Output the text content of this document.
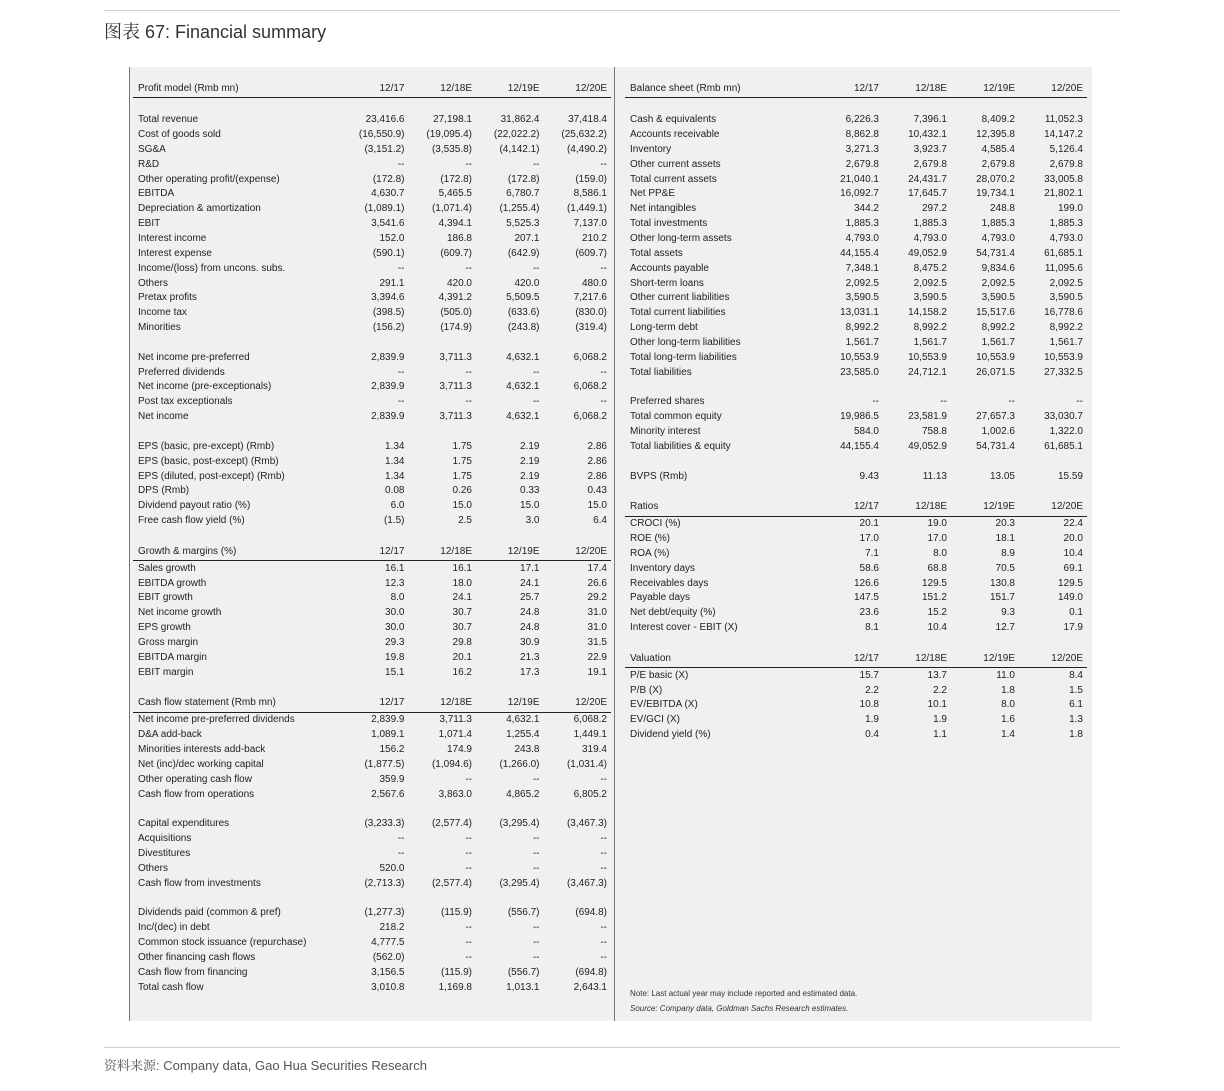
图表 67: Financial summary
Profit model (Rmb mn)	12/17	12/18E	12/19E	12/20E

Total revenue	23,416.6	27,198.1	31,862.4	37,418.4
Cost of goods sold	(16,550.9)	(19,095.4)	(22,022.2)	(25,632.2)
SG&A	(3,151.2)	(3,535.8)	(4,142.1)	(4,490.2)
R&D	--	--	--	--
Other operating profit/(expense)	(172.8)	(172.8)	(172.8)	(159.0)
EBITDA	4,630.7	5,465.5	6,780.7	8,586.1
Depreciation & amortization	(1,089.1)	(1,071.4)	(1,255.4)	(1,449.1)
EBIT	3,541.6	4,394.1	5,525.3	7,137.0
Interest income	152.0	186.8	207.1	210.2
Interest expense	(590.1)	(609.7)	(642.9)	(609.7)
Income/(loss) from uncons. subs.	--	--	--	--
Others	291.1	420.0	420.0	480.0
Pretax profits	3,394.6	4,391.2	5,509.5	7,217.6
Income tax	(398.5)	(505.0)	(633.6)	(830.0)
Minorities	(156.2)	(174.9)	(243.8)	(319.4)

Net income pre-preferred	2,839.9	3,711.3	4,632.1	6,068.2
Preferred dividends	--	--	--	--
Net income (pre-exceptionals)	2,839.9	3,711.3	4,632.1	6,068.2
Post tax exceptionals	--	--	--	--
Net income	2,839.9	3,711.3	4,632.1	6,068.2

EPS (basic, pre-except) (Rmb)	1.34	1.75	2.19	2.86
EPS (basic, post-except) (Rmb)	1.34	1.75	2.19	2.86
EPS (diluted, post-except) (Rmb)	1.34	1.75	2.19	2.86
DPS (Rmb)	0.08	0.26	0.33	0.43
Dividend payout ratio (%)	6.0	15.0	15.0	15.0
Free cash flow yield (%)	(1.5)	2.5	3.0	6.4

Growth & margins (%)	12/17	12/18E	12/19E	12/20E
Sales growth	16.1	16.1	17.1	17.4
EBITDA growth	12.3	18.0	24.1	26.6
EBIT growth	8.0	24.1	25.7	29.2
Net income growth	30.0	30.7	24.8	31.0
EPS growth	30.0	30.7	24.8	31.0
Gross margin	29.3	29.8	30.9	31.5
EBITDA margin	19.8	20.1	21.3	22.9
EBIT margin	15.1	16.2	17.3	19.1

Cash flow statement (Rmb mn)	12/17	12/18E	12/19E	12/20E
Net income pre-preferred dividends	2,839.9	3,711.3	4,632.1	6,068.2
D&A add-back	1,089.1	1,071.4	1,255.4	1,449.1
Minorities interests add-back	156.2	174.9	243.8	319.4
Net (inc)/dec working capital	(1,877.5)	(1,094.6)	(1,266.0)	(1,031.4)
Other operating cash flow	359.9	--	--	--
Cash flow from operations	2,567.6	3,863.0	4,865.2	6,805.2

Capital expenditures	(3,233.3)	(2,577.4)	(3,295.4)	(3,467.3)
Acquisitions	--	--	--	--
Divestitures	--	--	--	--
Others	520.0	--	--	--
Cash flow from investments	(2,713.3)	(2,577.4)	(3,295.4)	(3,467.3)

Dividends paid (common & pref)	(1,277.3)	(115.9)	(556.7)	(694.8)
Inc/(dec) in debt	218.2	--	--	--
Common stock issuance (repurchase)	4,777.5	--	--	--
Other financing cash flows	(562.0)	--	--	--
Cash flow from financing	3,156.5	(115.9)	(556.7)	(694.8)
Total cash flow	3,010.8	1,169.8	1,013.1	2,643.1
Balance sheet (Rmb mn)	12/17	12/18E	12/19E	12/20E

Cash & equivalents	6,226.3	7,396.1	8,409.2	11,052.3
Accounts receivable	8,862.8	10,432.1	12,395.8	14,147.2
Inventory	3,271.3	3,923.7	4,585.4	5,126.4
Other current assets	2,679.8	2,679.8	2,679.8	2,679.8
Total current assets	21,040.1	24,431.7	28,070.2	33,005.8
Net PP&E	16,092.7	17,645.7	19,734.1	21,802.1
Net intangibles	344.2	297.2	248.8	199.0
Total investments	1,885.3	1,885.3	1,885.3	1,885.3
Other long-term assets	4,793.0	4,793.0	4,793.0	4,793.0
Total assets	44,155.4	49,052.9	54,731.4	61,685.1
Accounts payable	7,348.1	8,475.2	9,834.6	11,095.6
Short-term loans	2,092.5	2,092.5	2,092.5	2,092.5
Other current liabilities	3,590.5	3,590.5	3,590.5	3,590.5
Total current liabilities	13,031.1	14,158.2	15,517.6	16,778.6
Long-term debt	8,992.2	8,992.2	8,992.2	8,992.2
Other long-term liabilities	1,561.7	1,561.7	1,561.7	1,561.7
Total long-term liabilities	10,553.9	10,553.9	10,553.9	10,553.9
Total liabilities	23,585.0	24,712.1	26,071.5	27,332.5

Preferred shares	--	--	--	--
Total common equity	19,986.5	23,581.9	27,657.3	33,030.7
Minority interest	584.0	758.8	1,002.6	1,322.0
Total liabilities & equity	44,155.4	49,052.9	54,731.4	61,685.1

BVPS (Rmb)	9.43	11.13	13.05	15.59

Ratios	12/17	12/18E	12/19E	12/20E
CROCI (%)	20.1	19.0	20.3	22.4
ROE (%)	17.0	17.0	18.1	20.0
ROA (%)	7.1	8.0	8.9	10.4
Inventory days	58.6	68.8	70.5	69.1
Receivables days	126.6	129.5	130.8	129.5
Payable days	147.5	151.2	151.7	149.0
Net debt/equity (%)	23.6	15.2	9.3	0.1
Interest cover - EBIT (X)	8.1	10.4	12.7	17.9

Valuation	12/17	12/18E	12/19E	12/20E
P/E basic (X)	15.7	13.7	11.0	8.4
P/B (X)	2.2	2.2	1.8	1.5
EV/EBITDA (X)	10.8	10.1	8.0	6.1
EV/GCI (X)	1.9	1.9	1.6	1.3
Dividend yield (%)	0.4	1.1	1.4	1.8
Note: Last actual year may include reported and estimated data.
Source: Company data, Goldman Sachs Research estimates.
资料来源: Company data, Gao Hua Securities Research
